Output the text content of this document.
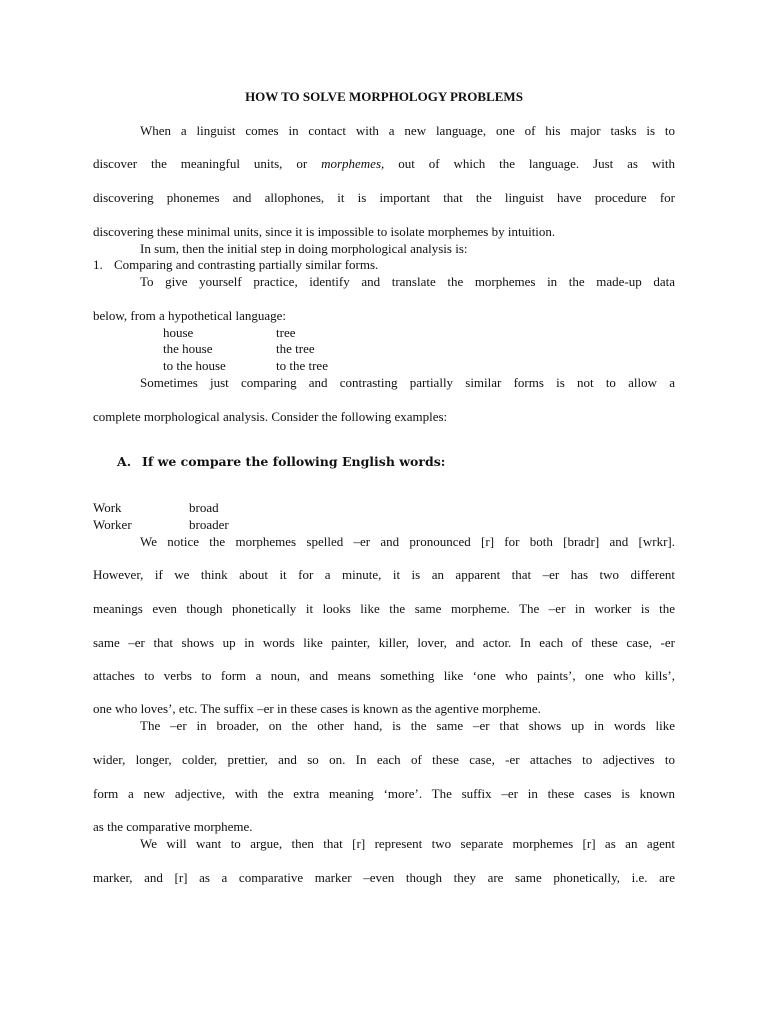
HOW TO SOLVE MORPHOLOGY PROBLEMS
When a linguist comes in contact with a new language, one of his major tasks is to
discover the meaningful units, or morphemes, out of which the language. Just as with
discovering phonemes and allophones, it is important that the linguist have procedure for
discovering these minimal units, since it is impossible to isolate morphemes by intuition.
In sum, then the initial step in doing morphological analysis is:
1. Comparing and contrasting partially similar forms.
To give yourself practice, identify and translate the morphemes in the made-up data
below, from a hypothetical language:
house	tree
the house	the tree
to the house	to the tree
Sometimes just comparing and contrasting partially similar forms is not to allow a
complete morphological analysis. Consider the following examples:
A. If we compare the following English words:
Work	broad
Worker	broader
We notice the morphemes spelled –er and pronounced [r] for both [bradr] and [wrkr].
However, if we think about it for a minute, it is an apparent that –er has two different
meanings even though phonetically it looks like the same morpheme. The –er in worker is the
same –er that shows up in words like painter, killer, lover, and actor. In each of these case, -er
attaches to verbs to form a noun, and means something like ‘one who paints’, one who kills’,
one who loves’, etc. The suffix –er in these cases is known as the agentive morpheme.
The –er in broader, on the other hand, is the same –er that shows up in words like
wider, longer, colder, prettier, and so on. In each of these case, -er attaches to adjectives to
form a new adjective, with the extra meaning ‘more’. The suffix –er in these cases is known
as the comparative morpheme.
We will want to argue, then that [r] represent two separate morphemes [r] as an agent
marker, and [r] as a comparative marker –even though they are same phonetically, i.e. are
